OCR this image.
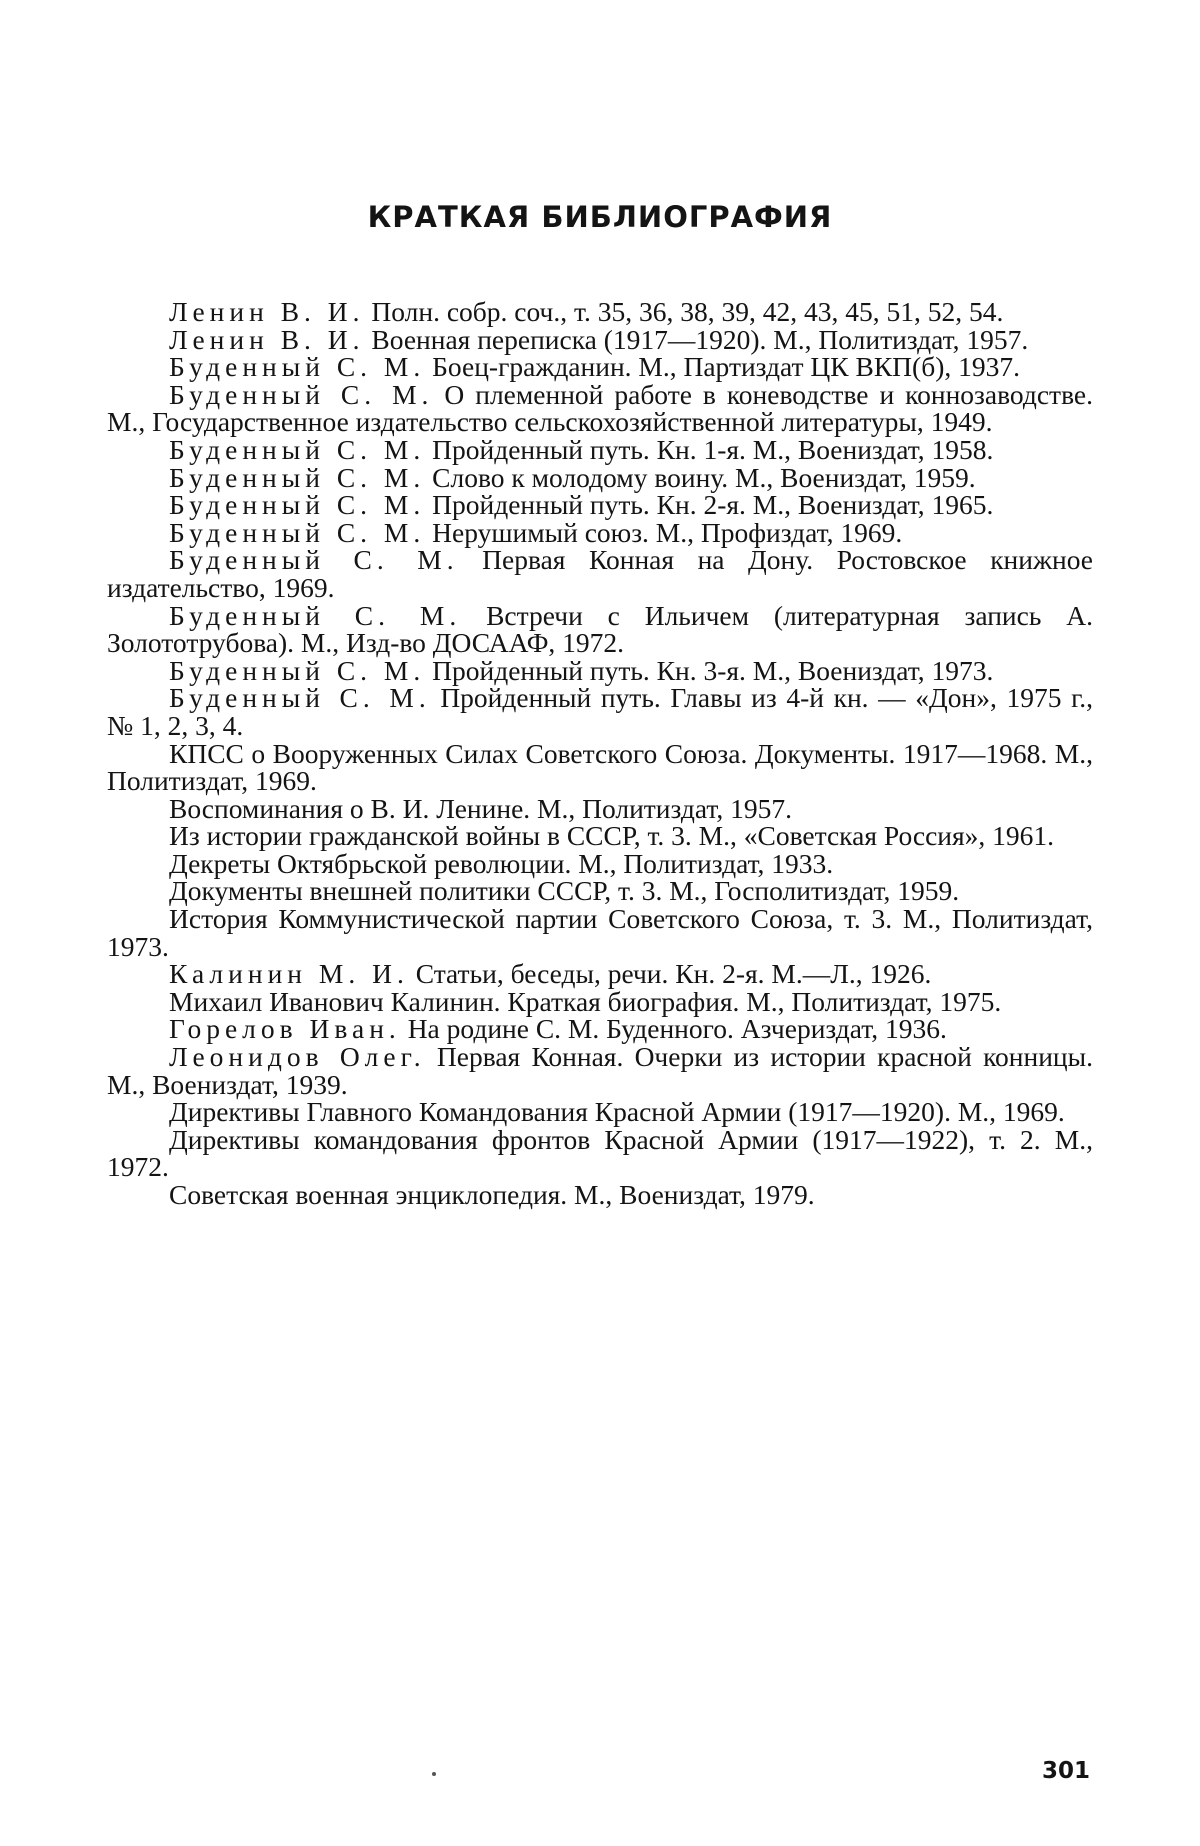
КРАТКАЯ БИБЛИОГРАФИЯ

Ленин В. И. Полн. собр. соч., т. 35, 36, 38, 39, 42, 43, 45, 51, 52, 54.

Ленин В. И. Военная переписка (1917—1920). М., Политиздат, 1957.

Буденный С. М. Боец-гражданин. М., Партиздат ЦК ВКП(б), 1937.

Буденный С. М. О племенной работе в коневодстве и коннозаводстве. М., Государственное издательство сельскохозяйственной литературы, 1949.

Буденный С. М. Пройденный путь. Кн. 1-я. М., Воениздат, 1958.

Буденный С. М. Слово к молодому воину. М., Воениздат, 1959.

Буденный С. М. Пройденный путь. Кн. 2-я. М., Воениздат, 1965.

Буденный С. М. Нерушимый союз. М., Профиздат, 1969.

Буденный С. М. Первая Конная на Дону. Ростовское книжное издательство, 1969.

Буденный С. М. Встречи с Ильичем (литературная запись А. Золототрубова). М., Изд-во ДОСААФ, 1972.

Буденный С. М. Пройденный путь. Кн. 3-я. М., Воениздат, 1973.

Буденный С. М. Пройденный путь. Главы из 4-й кн. — «Дон», 1975 г., № 1, 2, 3, 4.

КПСС о Вооруженных Силах Советского Союза. Документы. 1917—1968. М., Политиздат, 1969.

Воспоминания о В. И. Ленине. М., Политиздат, 1957.

Из истории гражданской войны в СССР, т. 3. М., «Советская Россия», 1961.

Декреты Октябрьской революции. М., Политиздат, 1933.

Документы внешней политики СССР, т. 3. М., Госполитиздат, 1959.

История Коммунистической партии Советского Союза, т. 3. М., Политиздат, 1973.

Калинин М. И. Статьи, беседы, речи. Кн. 2-я. М.—Л., 1926.

Михаил Иванович Калинин. Краткая биография. М., Политиздат, 1975.

Горелов Иван. На родине С. М. Буденного. Азчериздат, 1936.

Леонидов Олег. Первая Конная. Очерки из истории красной конницы. М., Воениздат, 1939.

Директивы Главного Командования Красной Армии (1917—1920). М., 1969.

Директивы командования фронтов Красной Армии (1917—1922), т. 2. М., 1972.

Советская военная энциклопедия. М., Воениздат, 1979.

301
